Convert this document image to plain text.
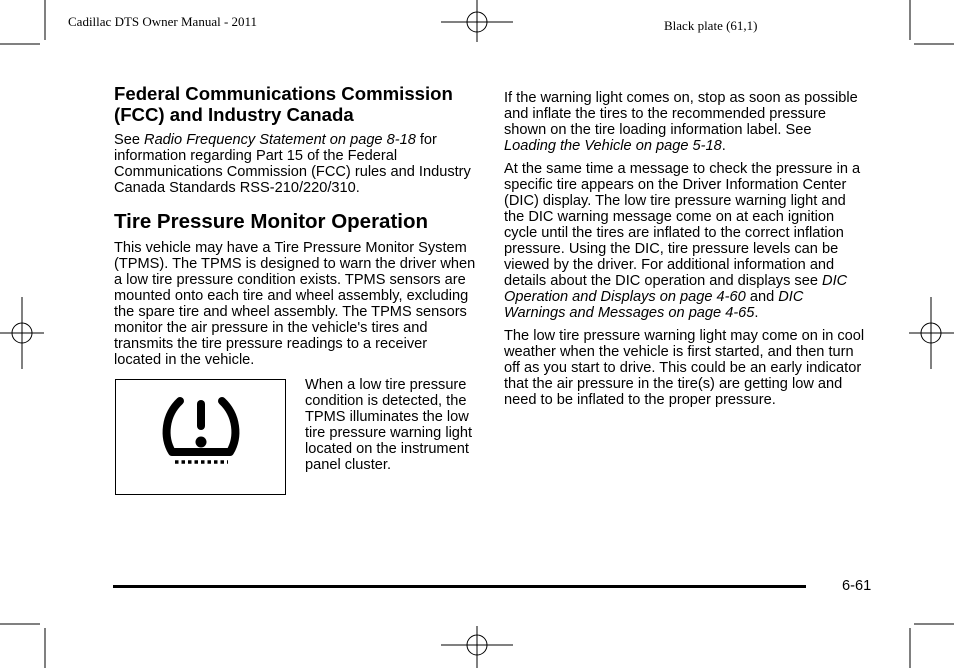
Cadillac DTS Owner Manual - 2011	Black plate (61,1)
Federal Communications Commission
(FCC) and Industry Canada

See Radio Frequency Statement on page 8-18 for
information regarding Part 15 of the Federal
Communications Commission (FCC) rules and Industry
Canada Standards RSS-210/220/310.

Tire Pressure Monitor Operation

This vehicle may have a Tire Pressure Monitor System
(TPMS). The TPMS is designed to warn the driver when
a low tire pressure condition exists. TPMS sensors are
mounted onto each tire and wheel assembly, excluding
the spare tire and wheel assembly. The TPMS sensors
monitor the air pressure in the vehicle's tires and
transmits the tire pressure readings to a receiver
located in the vehicle.

When a low tire pressure
condition is detected, the
TPMS illuminates the low
tire pressure warning light
located on the instrument
panel cluster.

If the warning light comes on, stop as soon as possible
and inflate the tires to the recommended pressure
shown on the tire loading information label. See
Loading the Vehicle on page 5-18.

At the same time a message to check the pressure in a
specific tire appears on the Driver Information Center
(DIC) display. The low tire pressure warning light and
the DIC warning message come on at each ignition
cycle until the tires are inflated to the correct inflation
pressure. Using the DIC, tire pressure levels can be
viewed by the driver. For additional information and
details about the DIC operation and displays see DIC
Operation and Displays on page 4-60 and DIC
Warnings and Messages on page 4-65.

The low tire pressure warning light may come on in cool
weather when the vehicle is first started, and then turn
off as you start to drive. This could be an early indicator
that the air pressure in the tire(s) are getting low and
need to be inflated to the proper pressure.

6-61
